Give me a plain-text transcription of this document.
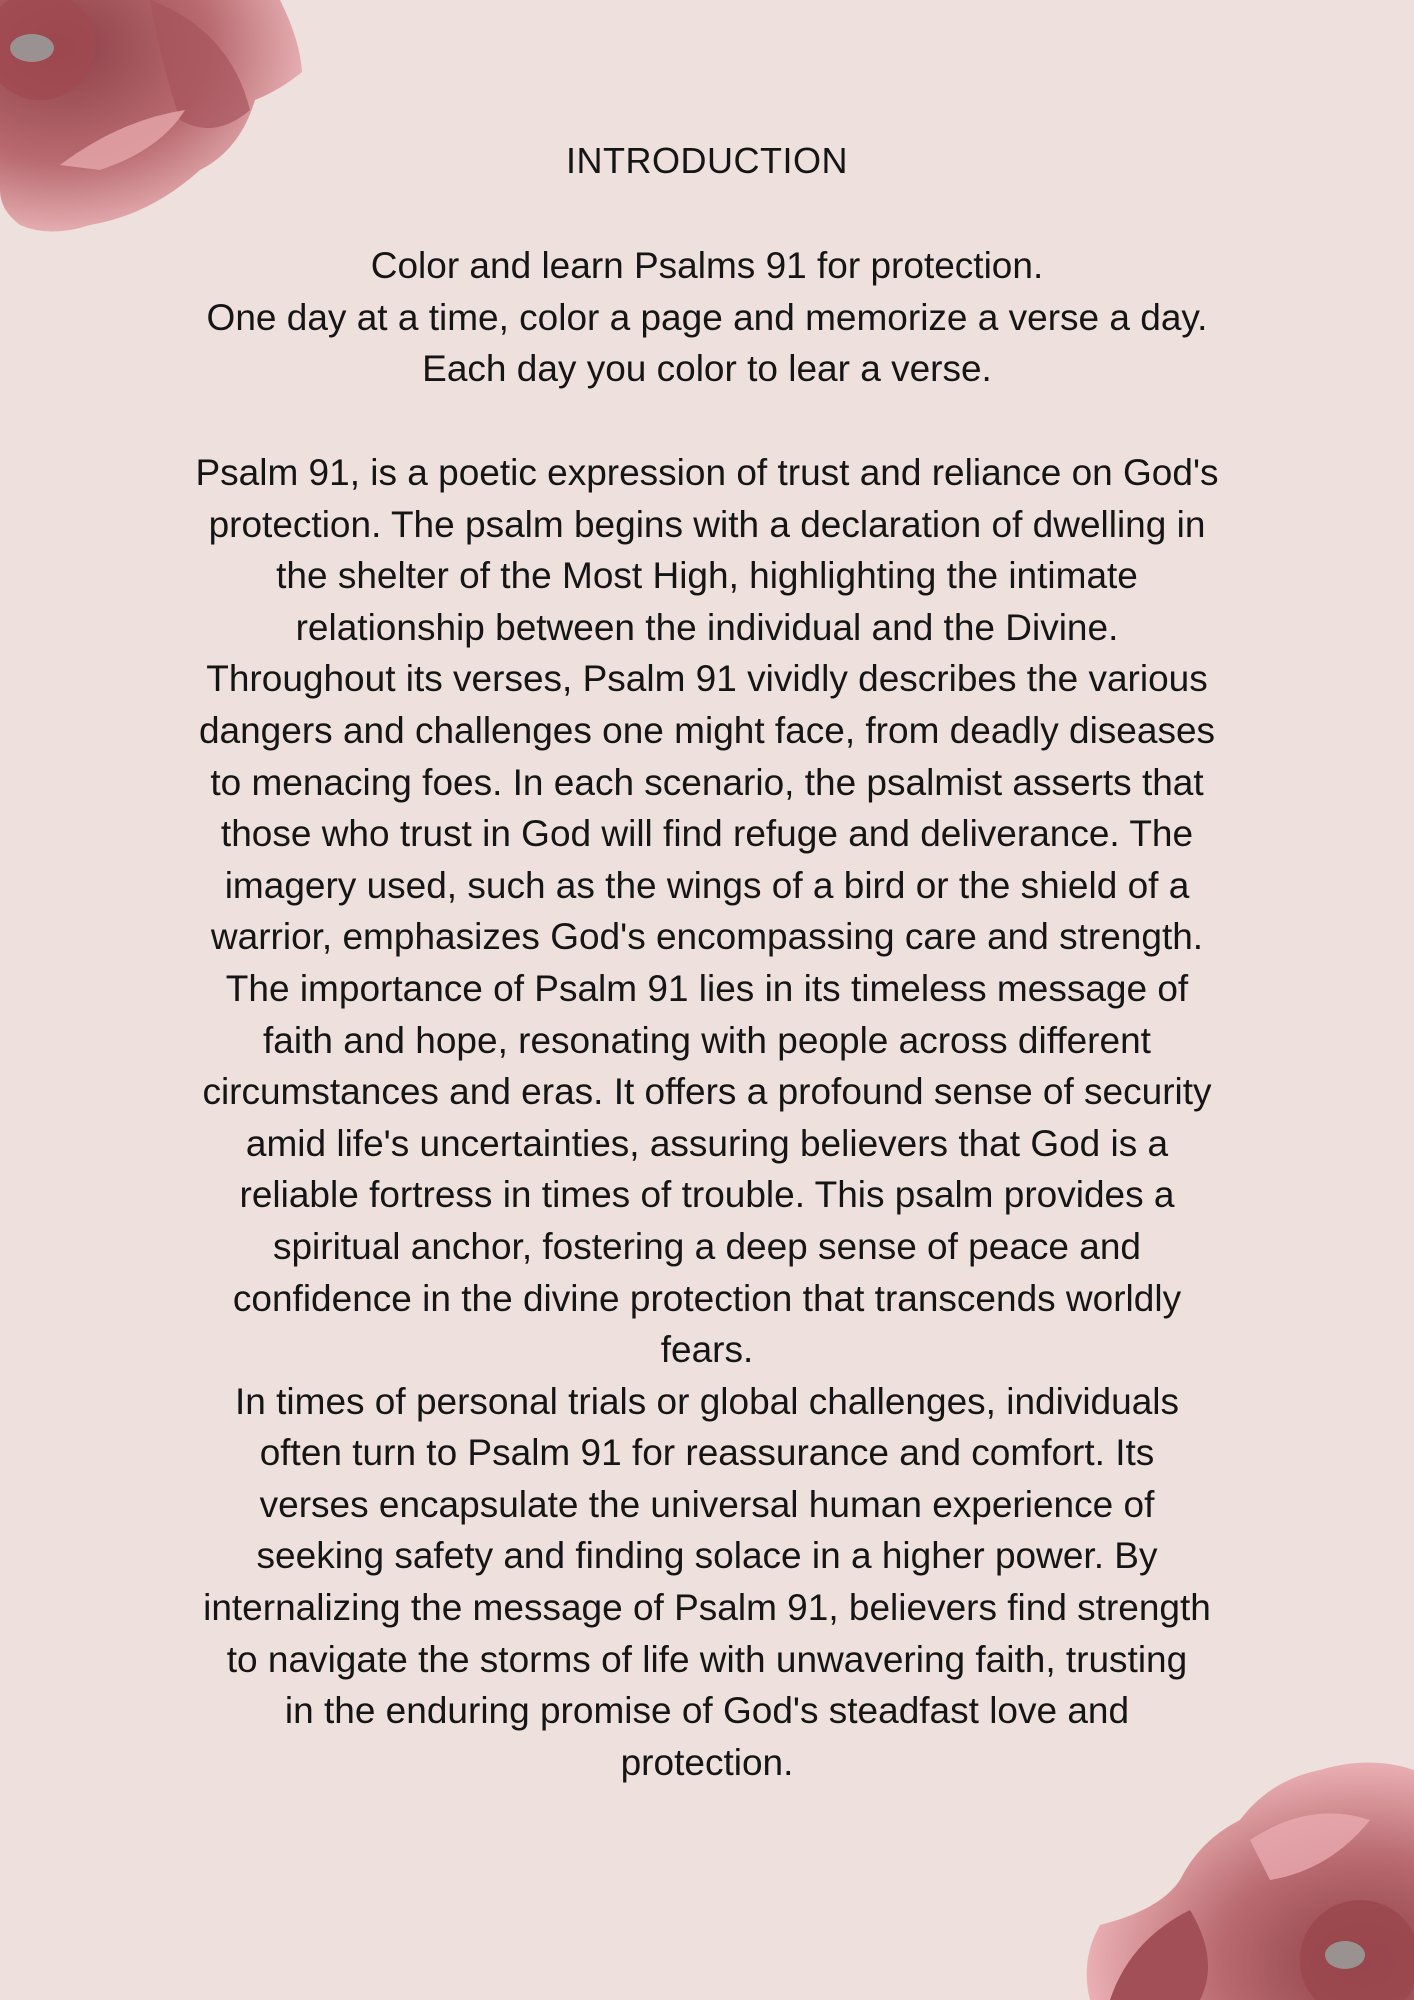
INTRODUCTION
Color and learn Psalms 91 for protection.
One day at a time, color a page and memorize a verse a day.
Each day you color to lear a verse.
Psalm 91, is a poetic expression of trust and reliance on God's
protection. The psalm begins with a declaration of dwelling in
the shelter of the Most High, highlighting the intimate
relationship between the individual and the Divine.
Throughout its verses, Psalm 91 vividly describes the various
dangers and challenges one might face, from deadly diseases
to menacing foes. In each scenario, the psalmist asserts that
those who trust in God will find refuge and deliverance. The
imagery used, such as the wings of a bird or the shield of a
warrior, emphasizes God's encompassing care and strength.
The importance of Psalm 91 lies in its timeless message of
faith and hope, resonating with people across different
circumstances and eras. It offers a profound sense of security
amid life's uncertainties, assuring believers that God is a
reliable fortress in times of trouble. This psalm provides a
spiritual anchor, fostering a deep sense of peace and
confidence in the divine protection that transcends worldly
fears.
In times of personal trials or global challenges, individuals
often turn to Psalm 91 for reassurance and comfort. Its
verses encapsulate the universal human experience of
seeking safety and finding solace in a higher power. By
internalizing the message of Psalm 91, believers find strength
to navigate the storms of life with unwavering faith, trusting
in the enduring promise of God's steadfast love and
protection.
